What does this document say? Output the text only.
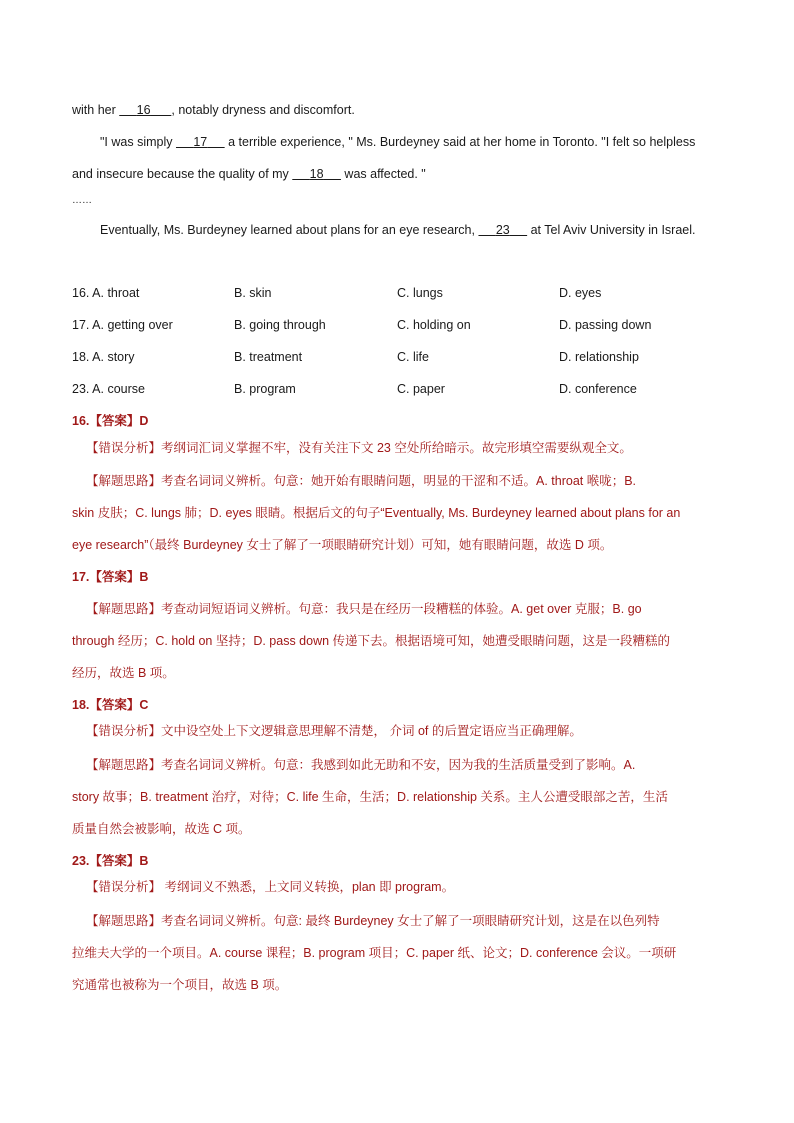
with her      16 , notably dryness and discomfort.
"I was simply      17      a terrible experience, " Ms. Burdeyney said at her home in Toronto. "I felt so helpless
and insecure because the quality of my      18      was affected. "
……
Eventually, Ms. Burdeyney learned about plans for an eye research,      23      at Tel Aviv University in Israel.
16. A. throat	B. skin	C. lungs	D. eyes
17. A. getting over	B. going through	C. holding on	D. passing down
18. A. story	B. treatment	C. life	D. relationship
23. A. course	B. program	C. paper	D. conference
16.【答案】D
【错误分析】考纲词汇词义掌握不牢，没有关注下文 23 空处所给暗示。故完形填空需要纵观全文。
【解题思路】考查名词词义辨析。句意：她开始有眼睛问题，明显的干涩和不适。A. throat 喉咙；B.
skin 皮肤；C. lungs 肺；D. eyes 眼睛。根据后文的句子“Eventually, Ms. Burdeyney learned about plans for an
eye research”（最终 Burdeyney 女士了解了一项眼睛研究计划）可知，她有眼睛问题，故选 D 项。
17.【答案】B
【解题思路】考查动词短语词义辨析。句意：我只是在经历一段糟糕的体验。A. get over 克服；B. go
through 经历；C. hold on 坚持；D. pass down 传递下去。根据语境可知，她遭受眼睛问题，这是一段糟糕的
经历，故选 B 项。
18.【答案】C
【错误分析】文中设空处上下文逻辑意思理解不清楚， 介词 of 的后置定语应当正确理解。
【解题思路】考查名词词义辨析。句意：我感到如此无助和不安，因为我的生活质量受到了影响。A.
story 故事；B. treatment 治疗，对待；C. life 生命，生活；D. relationship 关系。主人公遭受眼部之苦，生活
质量自然会被影响，故选 C 项。
23.【答案】B
【错误分析】 考纲词义不熟悉，上文同义转换，plan 即 program。
【解题思路】考查名词词义辨析。句意: 最终 Burdeyney 女士了解了一项眼睛研究计划，这是在以色列特
拉维夫大学的一个项目。A. course 课程；B. program 项目；C. paper 纸、论文；D. conference 会议。一项研
究通常也被称为一个项目，故选 B 项。
